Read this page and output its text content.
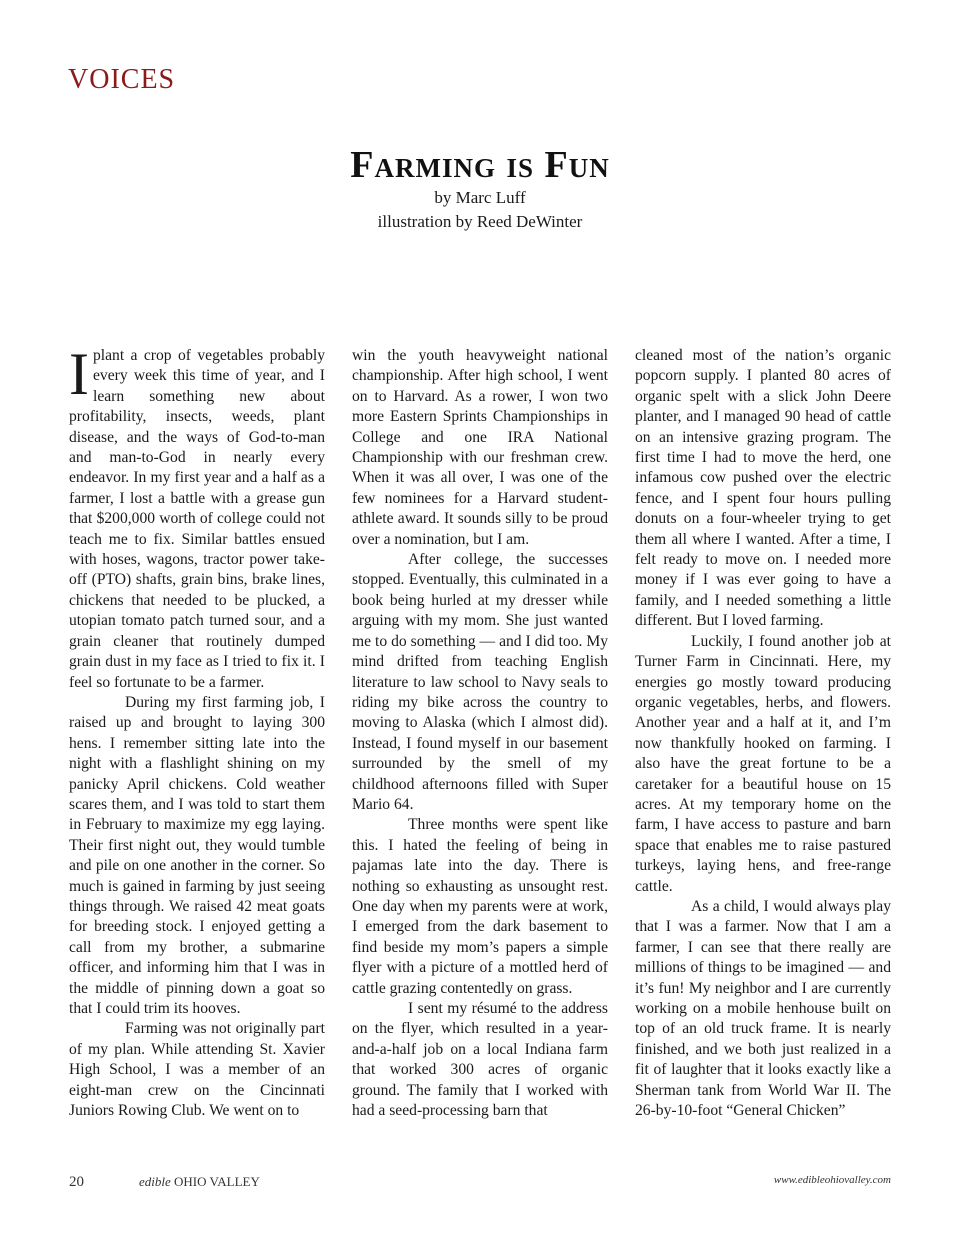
VOICES
Farming is Fun

by Marc Luff

illustration by Reed DeWinter

Iplant a crop of vegetables probably every week this time of year, and I learn something new about profitability, insects, weeds, plant disease, and the ways of God-to-man and man-to-God in nearly every endeavor. In my first year and a half as a farmer, I lost a battle with a grease gun that $200,000 worth of college could not teach me to fix. Similar battles ensued with hoses, wagons, tractor power take-off (PTO) shafts, grain bins, brake lines, chickens that needed to be plucked, a utopian tomato patch turned sour, and a grain cleaner that routinely dumped grain dust in my face as I tried to fix it. I feel so fortunate to be a farmer.

During my first farming job, I raised up and brought to laying 300 hens. I remember sitting late into the night with a flashlight shining on my panicky April chickens. Cold weather scares them, and I was told to start them in February to maximize my egg laying. Their first night out, they would tumble and pile on one another in the corner. So much is gained in farming by just seeing things through. We raised 42 meat goats for breeding stock. I enjoyed getting a call from my brother, a submarine officer, and informing him that I was in the middle of pinning down a goat so that I could trim its hooves.

Farming was not originally part of my plan. While attending St. Xavier High School, I was a member of an eight-man crew on the Cincinnati Juniors Rowing Club. We went on to

win the youth heavyweight national championship. After high school, I went on to Harvard. As a rower, I won two more Eastern Sprints Championships in College and one IRA National Championship with our freshman crew. When it was all over, I was one of the few nominees for a Harvard student-athlete award. It sounds silly to be proud over a nomination, but I am.

After college, the successes stopped. Eventually, this culminated in a book being hurled at my dresser while arguing with my mom. She just wanted me to do something — and I did too. My mind drifted from teaching English literature to law school to Navy seals to riding my bike across the country to moving to Alaska (which I almost did). Instead, I found myself in our basement surrounded by the smell of my childhood afternoons filled with Super Mario 64.

Three months were spent like this. I hated the feeling of being in pajamas late into the day. There is nothing so exhausting as unsought rest. One day when my parents were at work, I emerged from the dark basement to find beside my mom’s papers a simple flyer with a picture of a mottled herd of cattle grazing contentedly on grass.

I sent my résumé to the address on the flyer, which resulted in a year-and-a-half job on a local Indiana farm that worked 300 acres of organic ground. The family that I worked with had a seed-processing barn that

cleaned most of the nation’s organic popcorn supply. I planted 80 acres of organic spelt with a slick John Deere planter, and I managed 90 head of cattle on an intensive grazing program. The first time I had to move the herd, one infamous cow pushed over the electric fence, and I spent four hours pulling donuts on a four-wheeler trying to get them all where I wanted. After a time, I felt ready to move on. I needed more money if I was ever going to have a family, and I needed something a little different. But I loved farming.

Luckily, I found another job at Turner Farm in Cincinnati. Here, my energies go mostly toward producing organic vegetables, herbs, and flowers. Another year and a half at it, and I’m now thankfully hooked on farming. I also have the great fortune to be a caretaker for a beautiful house on 15 acres. At my temporary home on the farm, I have access to pasture and barn space that enables me to raise pastured turkeys, laying hens, and free-range cattle.

As a child, I would always play that I was a farmer. Now that I am a farmer, I can see that there really are millions of things to be imagined — and it’s fun! My neighbor and I are currently working on a mobile henhouse built on top of an old truck frame. It is nearly finished, and we both just realized in a fit of laughter that it looks exactly like a Sherman tank from World War II. The 26-by-10-foot “General Chicken”

20	edible OHIO VALLEY	www.edibleohiovalley.com
